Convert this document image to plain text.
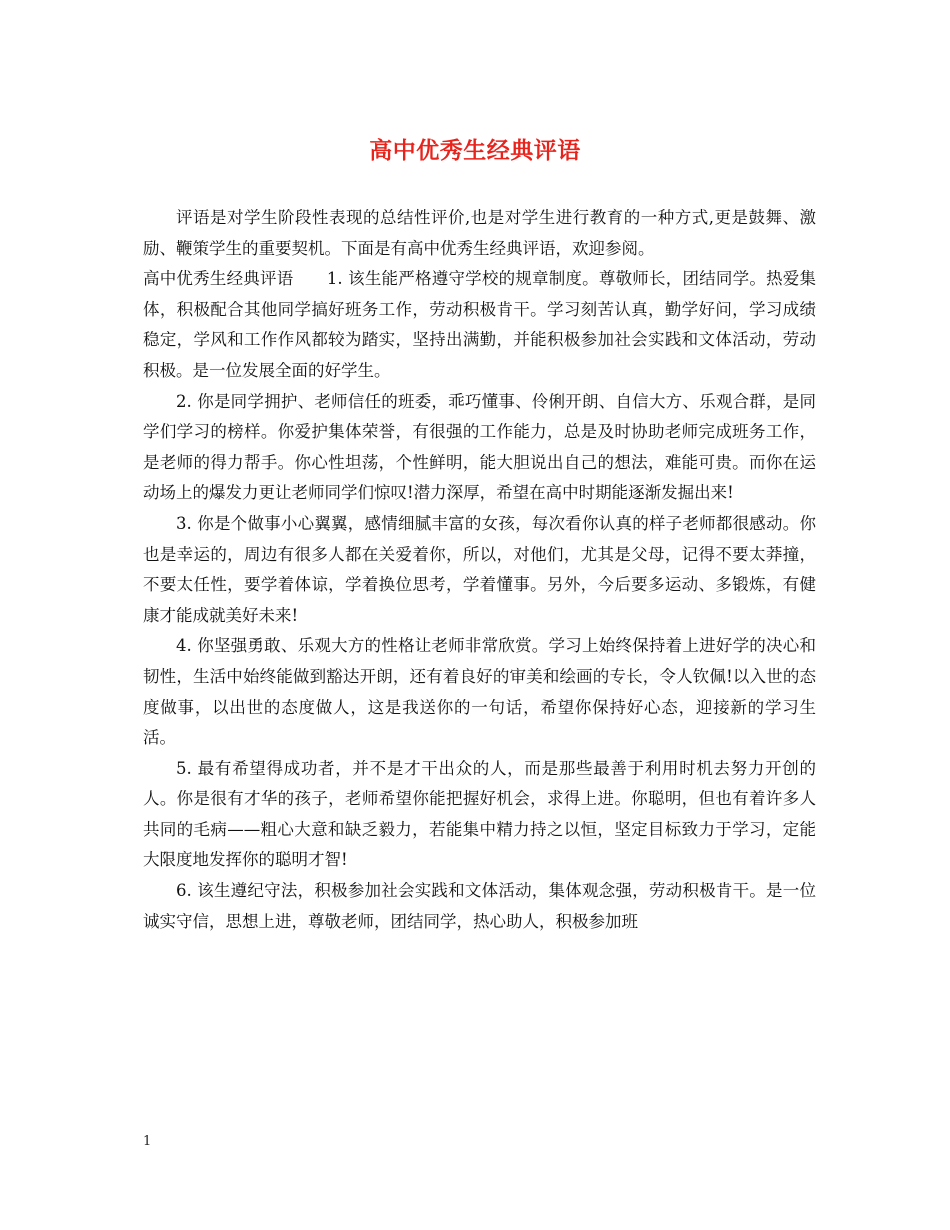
高中优秀生经典评语

评语是对学生阶段性表现的总结性评价,也是对学生进行教育的一种方式,更是鼓舞、激励、鞭策学生的重要契机。下面是有高中优秀生经典评语，欢迎参阅。

高中优秀生经典评语　　1. 该生能严格遵守学校的规章制度。尊敬师长，团结同学。热爱集体，积极配合其他同学搞好班务工作，劳动积极肯干。学习刻苦认真，勤学好问，学习成绩稳定，学风和工作作风都较为踏实，坚持出满勤，并能积极参加社会实践和文体活动，劳动积极。是一位发展全面的好学生。

2. 你是同学拥护、老师信任的班委，乖巧懂事、伶俐开朗、自信大方、乐观合群，是同学们学习的榜样。你爱护集体荣誉，有很强的工作能力，总是及时协助老师完成班务工作，是老师的得力帮手。你心性坦荡，个性鲜明，能大胆说出自己的想法，难能可贵。而你在运动场上的爆发力更让老师同学们惊叹!潜力深厚，希望在高中时期能逐渐发掘出来!

3. 你是个做事小心翼翼，感情细腻丰富的女孩，每次看你认真的样子老师都很感动。你也是幸运的，周边有很多人都在关爱着你，所以，对他们，尤其是父母，记得不要太莽撞，不要太任性，要学着体谅，学着换位思考，学着懂事。另外，今后要多运动、多锻炼，有健康才能成就美好未来!

4. 你坚强勇敢、乐观大方的性格让老师非常欣赏。学习上始终保持着上进好学的决心和韧性，生活中始终能做到豁达开朗，还有着良好的审美和绘画的专长，令人钦佩!以入世的态度做事，以出世的态度做人，这是我送你的一句话，希望你保持好心态，迎接新的学习生活。

5. 最有希望得成功者，并不是才干出众的人，而是那些最善于利用时机去努力开创的人。你是很有才华的孩子，老师希望你能把握好机会，求得上进。你聪明，但也有着许多人共同的毛病——粗心大意和缺乏毅力，若能集中精力持之以恒，坚定目标致力于学习，定能大限度地发挥你的聪明才智!

6. 该生遵纪守法，积极参加社会实践和文体活动，集体观念强，劳动积极肯干。是一位诚实守信，思想上进，尊敬老师，团结同学，热心助人，积极参加班

1
